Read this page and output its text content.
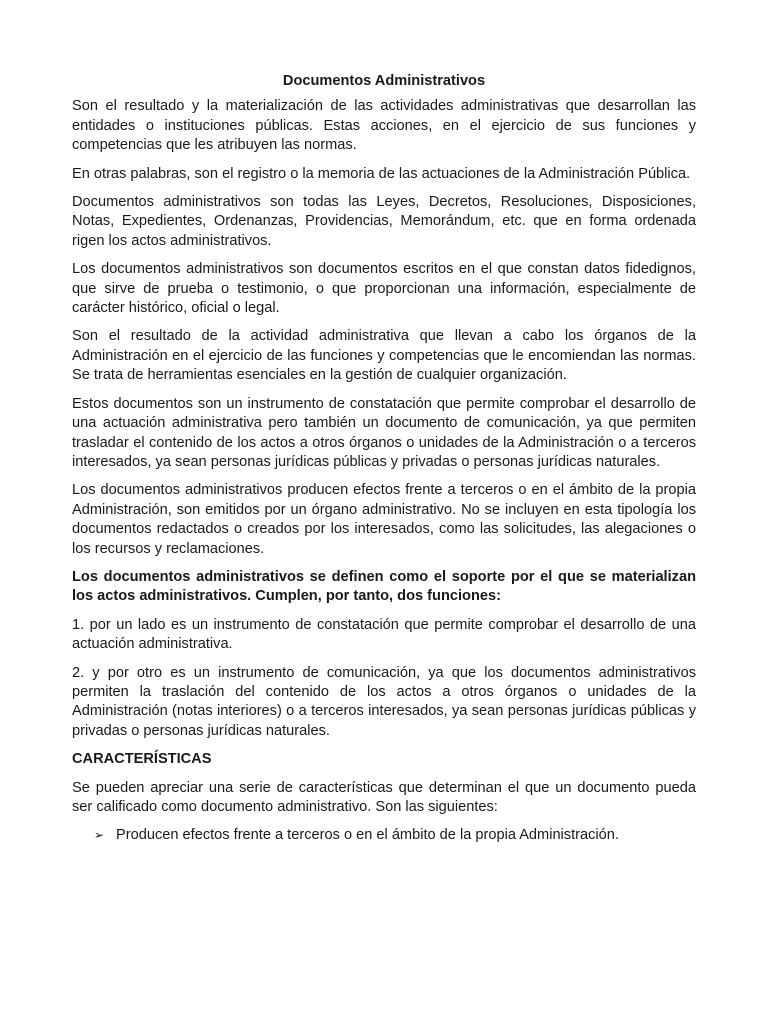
Documentos Administrativos

Son el resultado y la materialización de las actividades administrativas que desarrollan las entidades o instituciones públicas. Estas acciones, en el ejercicio de sus funciones y competencias que les atribuyen las normas.

En otras palabras, son el registro o la memoria de las actuaciones de la Administración Pública.

Documentos administrativos son todas las Leyes, Decretos, Resoluciones, Disposiciones, Notas, Expedientes, Ordenanzas, Providencias, Memorándum, etc. que en forma ordenada rigen los actos administrativos.

Los documentos administrativos son documentos escritos en el que constan datos fidedignos, que sirve de prueba o testimonio, o que proporcionan una información, especialmente de carácter histórico, oficial o legal.

Son el resultado de la actividad administrativa que llevan a cabo los órganos de la Administración en el ejercicio de las funciones y competencias que le encomiendan las normas. Se trata de herramientas esenciales en la gestión de cualquier organización.

Estos documentos son un instrumento de constatación que permite comprobar el desarrollo de una actuación administrativa pero también un documento de comunicación, ya que permiten trasladar el contenido de los actos a otros órganos o unidades de la Administración o a terceros interesados, ya sean personas jurídicas públicas y privadas o personas jurídicas naturales.

Los documentos administrativos producen efectos frente a terceros o en el ámbito de la propia Administración, son emitidos por un órgano administrativo. No se incluyen en esta tipología los documentos redactados o creados por los interesados, como las solicitudes, las alegaciones o los recursos y reclamaciones.

Los documentos administrativos se definen como el soporte por el que se materializan los actos administrativos. Cumplen, por tanto, dos funciones:

1. por un lado es un instrumento de constatación que permite comprobar el desarrollo de una actuación administrativa.

2. y por otro es un instrumento de comunicación, ya que los documentos administrativos permiten la traslación del contenido de los actos a otros órganos o unidades de la Administración (notas interiores) o a terceros interesados, ya sean personas jurídicas públicas y privadas o personas jurídicas naturales.

CARACTERÍSTICAS

Se pueden apreciar una serie de características que determinan el que un documento pueda ser calificado como documento administrativo. Son las siguientes:

➢ Producen efectos frente a terceros o en el ámbito de la propia Administración.
